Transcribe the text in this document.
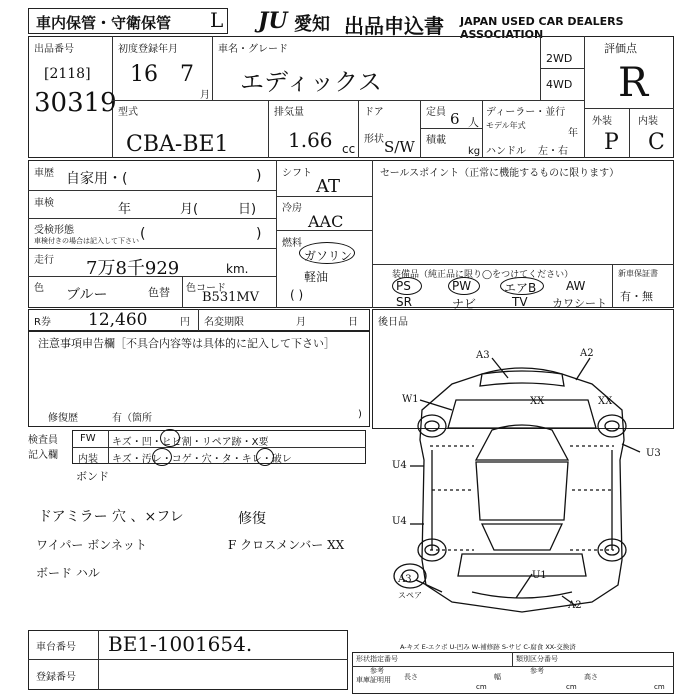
車内保管・守衛保管 L JU 愛知 出品申込書 JAPAN USED CAR DEALERS ASSOCIATION
出品番号
[2118]
30319
初度登録年月
16 7
月
車名・グレード
エディックス
2WD
4WD
評価点
R
外装	内装
P C
型式
CBA-BE1
排気量
1.66 cc
ドア
形状 S/W
定員 6 人
積載
kg
ディーラー・並行
モデル年式
年
ハンドル 左・右
車歴 自家用・(	)
車検	年	月(	日)
受検形態
車検付きの場合は記入して下さい (	)
走行 7万8千929	km.
色 ブルー	色替 色コード
B531MV
シフト
AT
冷房
AAC
燃料
ガソリン
軽油
( )
セールスポイント（正常に機能するものに限ります）
装備品（純正品に限り◯をつけてください）	新車保証書
有・無
PS	PW	エアB AW
SR	ナビ	TV カワシート
R券 12,460	円 名変期限	月	日 後日品
注意事項申告欄［不具合内容等は具体的に記入して下さい］
修復歴	有（箇所	)
検査員記入欄
FW キズ・凹・ヒビ割・リペア跡・X要
内装 キズ・汚レ・コゲ・穴・タ・キレ・破レ
ボンド
ドアミラー 穴 、×フレ
ワイパー ボンネット
ボード ハル
修復
F クロスメンバー XX
A3	A2
XX	XX
W1
U3
U4
U4
A3	U1
A2
スペア
A-キズ E-エクボ U-凹み W-補修跡 S-サビ C-腐食 XX-交換済
車台番号 BE1-1001654.
登録番号
形状指定番号	類別区分番号
参考	参考
車庫証明用 長さ
cm
幅
cm
高さ
cm
